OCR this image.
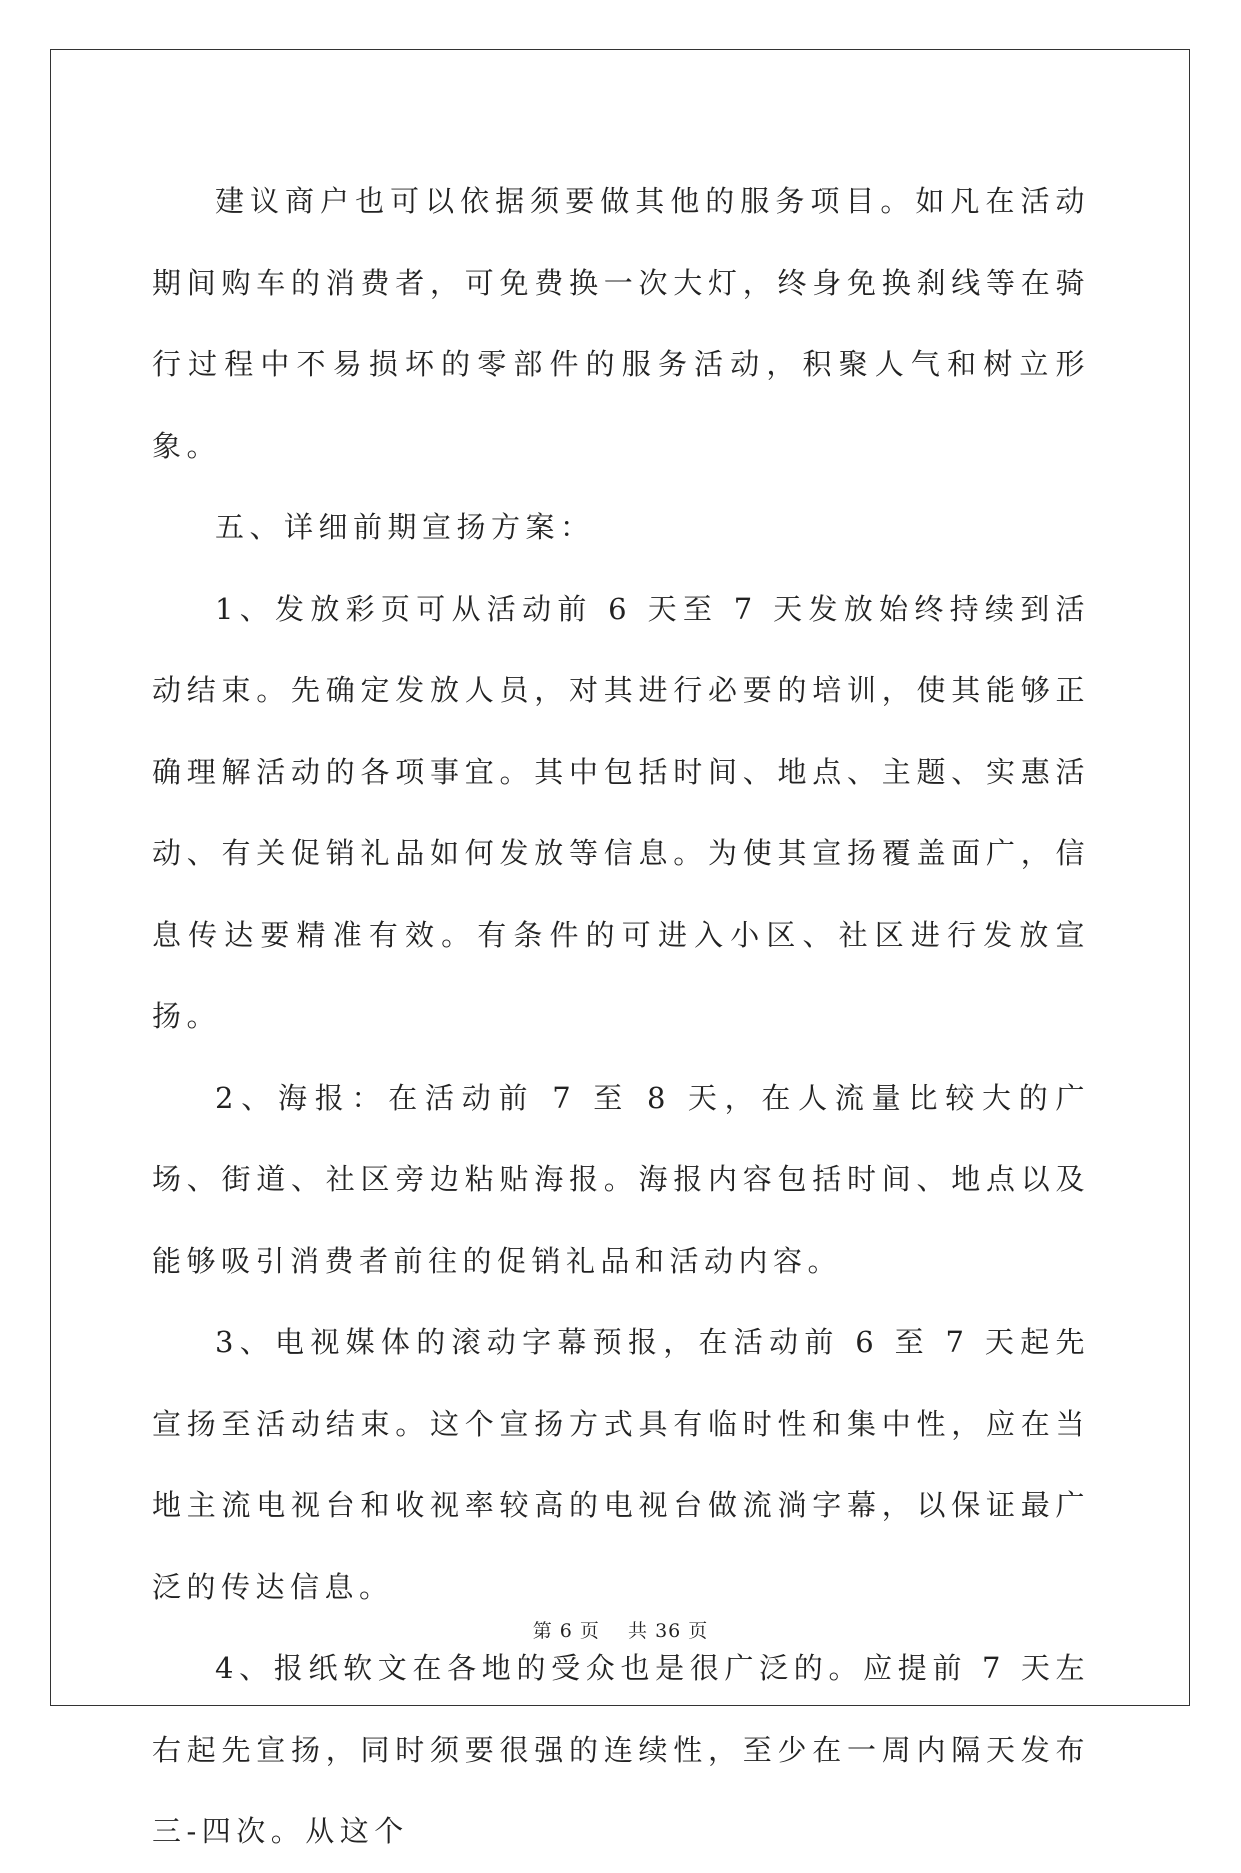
建议商户也可以依据须要做其他的服务项目。如凡在活动期间购车的消费者，可免费换一次大灯，终身免换刹线等在骑行过程中不易损坏的零部件的服务活动，积聚人气和树立形象。

五、详细前期宣扬方案：

1、发放彩页可从活动前 6 天至 7 天发放始终持续到活动结束。先确定发放人员，对其进行必要的培训，使其能够正确理解活动的各项事宜。其中包括时间、地点、主题、实惠活动、有关促销礼品如何发放等信息。为使其宣扬覆盖面广，信息传达要精准有效。有条件的可进入小区、社区进行发放宣扬。

2、海报：在活动前 7 至 8 天，在人流量比较大的广场、街道、社区旁边粘贴海报。海报内容包括时间、地点以及能够吸引消费者前往的促销礼品和活动内容。

3、电视媒体的滚动字幕预报，在活动前 6 至 7 天起先宣扬至活动结束。这个宣扬方式具有临时性和集中性，应在当地主流电视台和收视率较高的电视台做流淌字幕，以保证最广泛的传达信息。

4、报纸软文在各地的受众也是很广泛的。应提前 7 天左右起先宣扬，同时须要很强的连续性，至少在一周内隔天发布三-四次。从这个

第 6 页 共 36 页
